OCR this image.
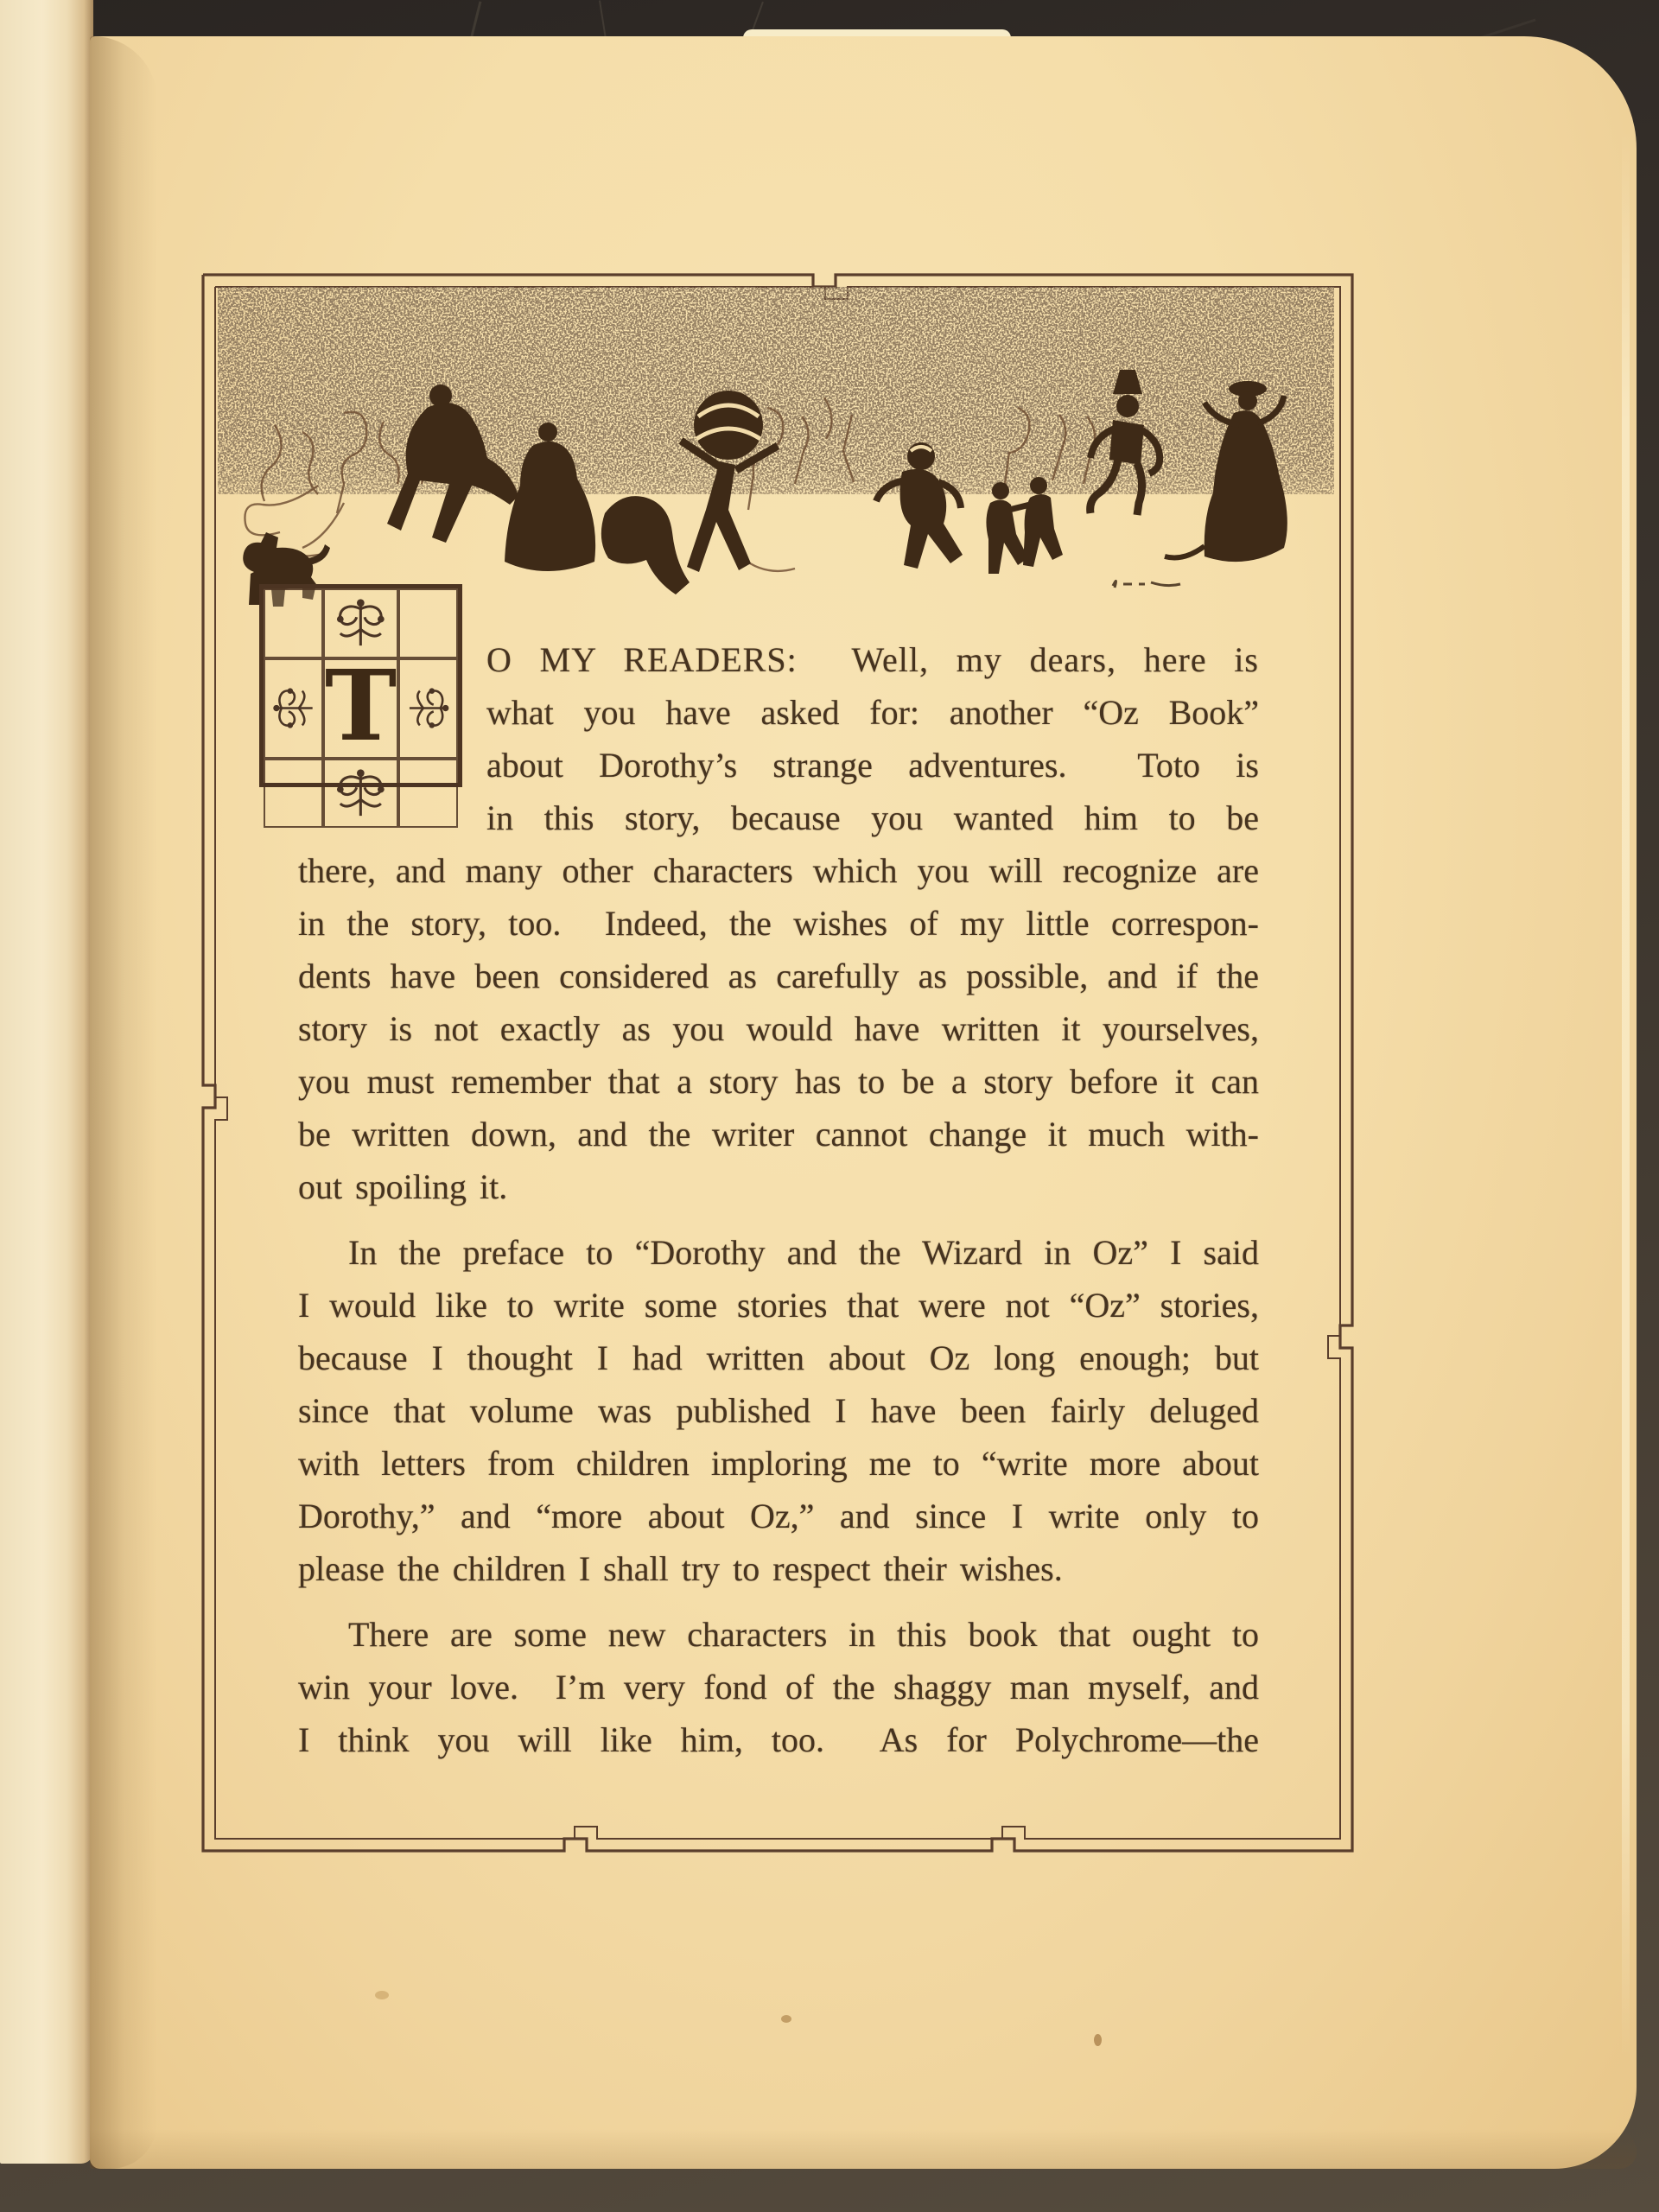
T	O MY READERS:  Well, my dears, here is
what you have asked for: another “Oz Book”
about Dorothy’s strange adventures.  Toto is
in this story, because you wanted him to be
there, and many other characters which you will recognize are
in the story, too.  Indeed, the wishes of my little correspon-
dents have been considered as carefully as possible, and if the
story is not exactly as you would have written it yourselves,
you must remember that a story has to be a story before it can
be written down, and the writer cannot change it much with-
out spoiling it.
In the preface to “Dorothy and the Wizard in Oz” I said
I would like to write some stories that were not “Oz” stories,
because I thought I had written about Oz long enough; but
since that volume was published I have been fairly deluged
with letters from children imploring me to “write more about
Dorothy,” and “more about Oz,” and since I write only to
please the children I shall try to respect their wishes.
There are some new characters in this book that ought to
win your love.  I’m very fond of the shaggy man myself, and
I think you will like him, too.  As for Polychrome—the
